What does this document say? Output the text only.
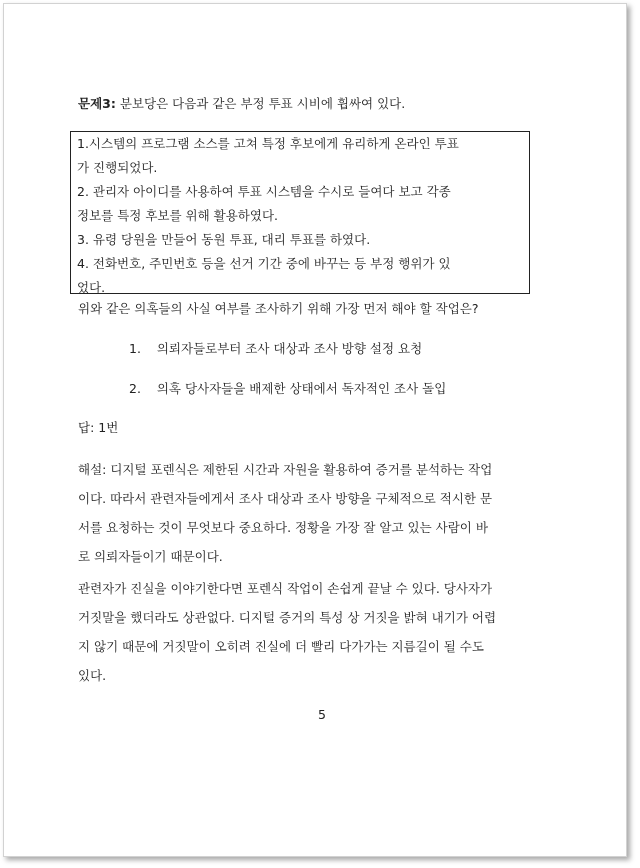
문제3: 분보당은 다음과 같은 부정 투표 시비에 휩싸여 있다.
1.시스템의 프로그램 소스를 고쳐 특정 후보에게 유리하게 온라인 투표
가 진행되었다.
2. 관리자 아이디를 사용하여 투표 시스템을 수시로 들여다 보고 각종
정보를 특정 후보를 위해 활용하였다.
3. 유령 당원을 만들어 동원 투표, 대리 투표를 하였다.
4. 전화번호, 주민번호 등을 선거 기간 중에 바꾸는 등 부정 행위가 있
었다.
위와 같은 의혹들의 사실 여부를 조사하기 위해 가장 먼저 해야 할 작업은?
1.    의뢰자들로부터 조사 대상과 조사 방향 설정 요청
2.    의혹 당사자들을 배제한 상태에서 독자적인 조사 돌입
답: 1번
해설: 디지털 포렌식은 제한된 시간과 자원을 활용하여 증거를 분석하는 작업
이다. 따라서 관련자들에게서 조사 대상과 조사 방향을 구체적으로 적시한 문
서를 요청하는 것이 무엇보다 중요하다. 정황을 가장 잘 알고 있는 사람이 바
로 의뢰자들이기 때문이다.
관련자가 진실을 이야기한다면 포렌식 작업이 손쉽게 끝날 수 있다. 당사자가
거짓말을 했더라도 상관없다. 디지털 증거의 특성 상 거짓을 밝혀 내기가 어렵
지 않기 때문에 거짓말이 오히려 진실에 더 빨리 다가가는 지름길이 될 수도
있다.
5
